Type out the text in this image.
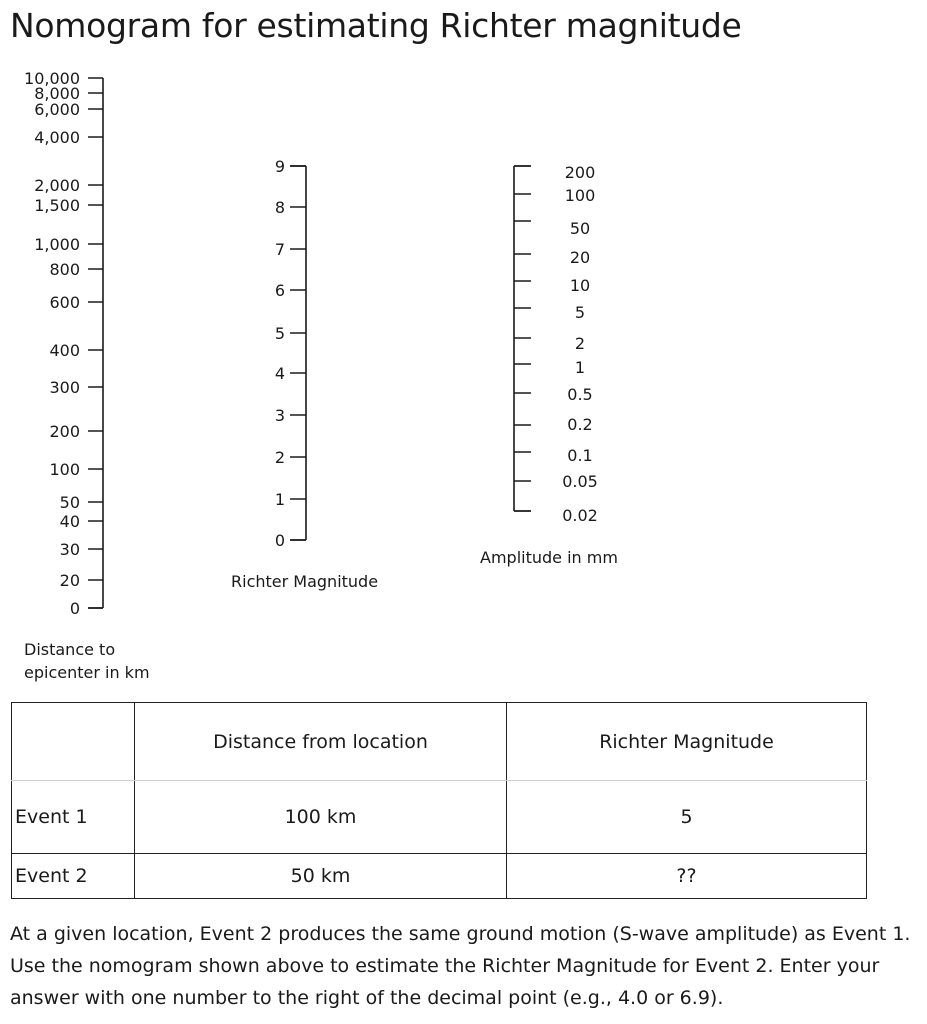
Nomogram for estimating Richter magnitude
10,000
8,000
6,000
4,000
2,000
1,500
1,000
800
600
400
300
200
100
50
40
30
20
0
9
8
7
6
5
4
3
2
1
0
200
100
50
20
10
5
2
1
0.5
0.2
0.1
0.05
0.02
Distance to
epicenter in km
Richter Magnitude
Amplitude in mm
	Distance from location	Richter Magnitude
Event 1	100 km	5
Event 2	50 km	??
At a given location, Event 2 produces the same ground motion (S-wave amplitude) as Event 1. Use the nomogram shown above to estimate the Richter Magnitude for Event 2. Enter your answer with one number to the right of the decimal point (e.g., 4.0 or 6.9).
